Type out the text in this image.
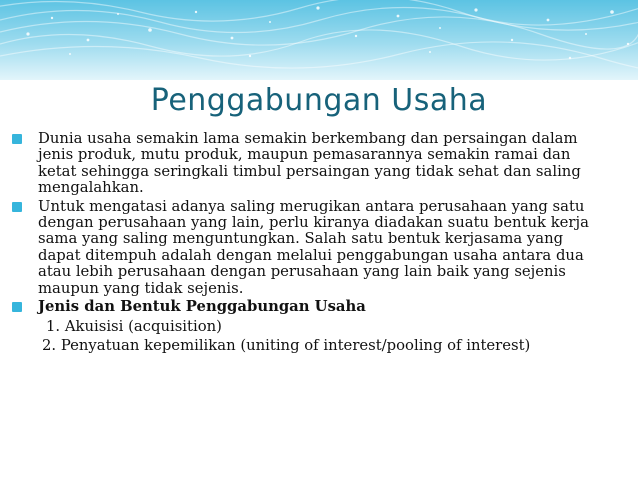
Penggabungan Usaha
Dunia usaha semakin lama semakin berkembang dan persaingan dalam jenis produk, mutu produk, maupun pemasarannya semakin ramai dan ketat sehingga seringkali timbul persaingan yang tidak sehat dan saling mengalahkan.
Untuk mengatasi adanya saling merugikan antara perusahaan yang satu dengan perusahaan yang lain, perlu kiranya diadakan suatu bentuk kerja sama yang saling menguntungkan. Salah satu bentuk kerjasama yang dapat ditempuh adalah dengan melalui penggabungan usaha antara dua atau lebih perusahaan dengan perusahaan yang lain baik yang sejenis maupun yang tidak sejenis.
Jenis dan Bentuk Penggabungan Usaha
1. Akuisisi (acquisition)
2. Penyatuan kepemilikan (uniting of interest/pooling of interest)
